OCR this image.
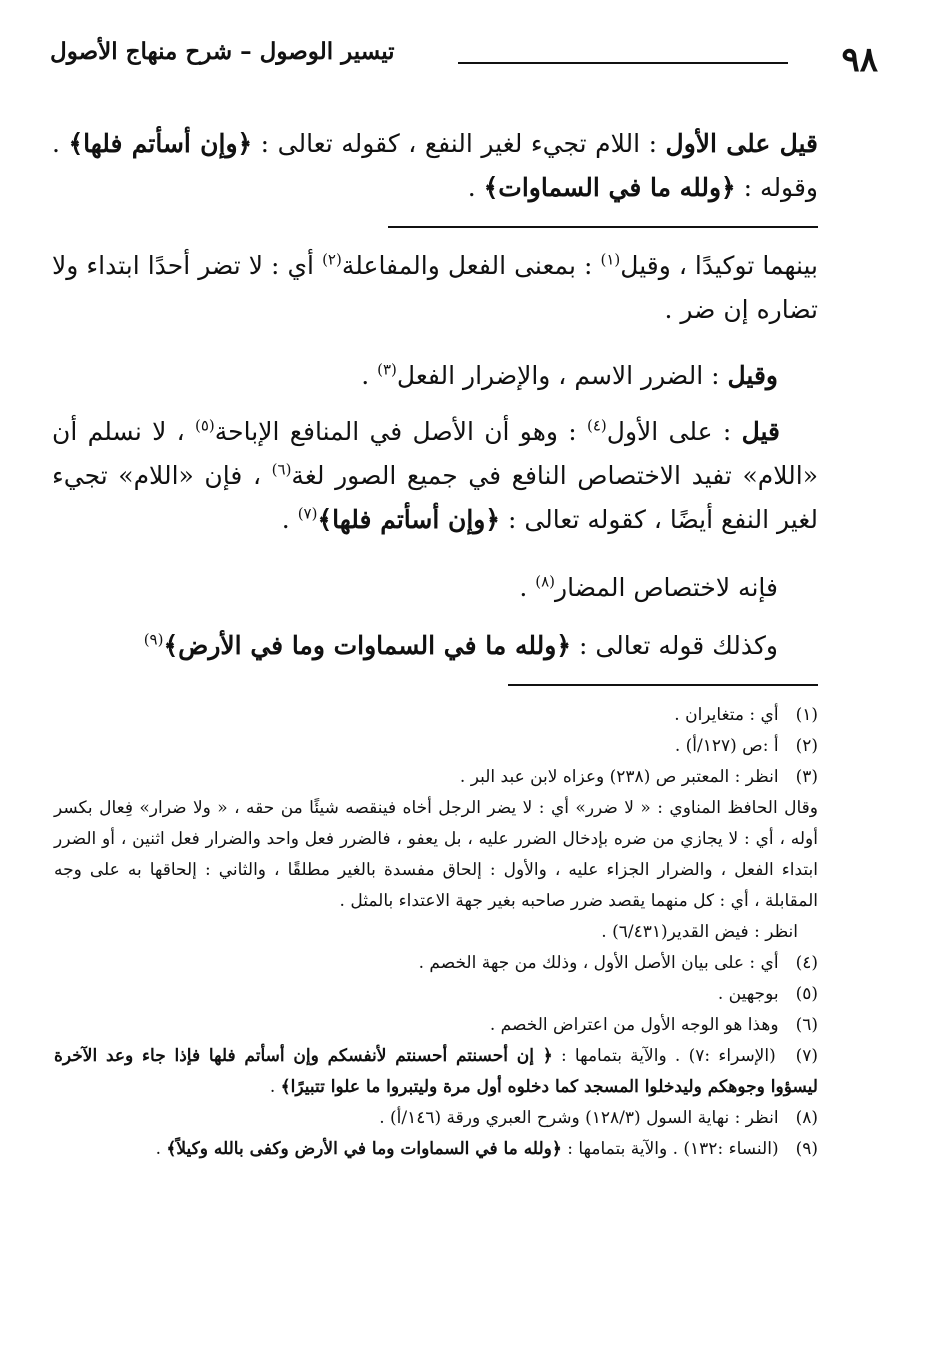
٩٨
تيسير الوصول – شرح منهاج الأصول

قيل على الأول : اللام تجيء لغير النفع ، كقوله تعالى : ﴿وإن أسأتم فلها﴾ . وقوله : ﴿ولله ما في السماوات﴾ .

بينهما توكيدًا ، وقيل$^{(١)}$ : بمعنى الفعل والمفاعلة$^{(٢)}$ أي : لا تضر أحدًا ابتداء ولا تضاره إن ضر .

وقيل : الضرر الاسم ، والإضرار الفعل$^{(٣)}$ .

قيل : على الأول$^{(٤)}$ : وهو أن الأصل في المنافع الإباحة$^{(٥)}$ ، لا نسلم أن «اللام» تفيد الاختصاص النافع في جميع الصور لغة$^{(٦)}$ ، فإن «اللام» تجيء لغير النفع أيضًا ، كقوله تعالى : ﴿وإن أسأتم فلها﴾$^{(٧)}$ .

فإنه لاختصاص المضار$^{(٨)}$ .

وكذلك قوله تعالى : ﴿ولله ما في السماوات وما في الأرض﴾$^{(٩)}$

(١) أي : متغايران .

(٢) أ :ص (١٢٧/أ) .

(٣) انظر : المعتبر ص (٢٣٨) وعزاه لابن عبد البر .

وقال الحافظ المناوي : « لا ضرر» أي : لا يضر الرجل أخاه فينقصه شيئًا من حقه ، « ولا ضرار» فِعال بكسر أوله ، أي : لا يجازي من ضره بإدخال الضرر عليه ، بل يعفو ، فالضرر فعل واحد والضرار فعل اثنين ، أو الضرر ابتداء الفعل ، والضرار الجزاء عليه ، والأول : إلحاق مفسدة بالغير مطلقًا ، والثاني : إلحاقها به على وجه المقابلة ، أي : كل منهما يقصد ضرر صاحبه بغير جهة الاعتداء بالمثل .

انظر : فيض القدير(٦/٤٣١) .

(٤) أي : على بيان الأصل الأول ، وذلك من جهة الخصم .

(٥) بوجهين .

(٦) وهذا هو الوجه الأول من اعتراض الخصم .

(٧) (الإسراء :٧) . والآية بتمامها : ﴿ إن أحسنتم أحسنتم لأنفسكم وإن أسأتم فلها فإذا جاء وعد الآخرة ليسؤوا وجوهكم وليدخلوا المسجد كما دخلوه أول مرة وليتبروا ما علوا تتبيرًا﴾ .

(٨) انظر : نهاية السول (١٢٨/٣) وشرح العبري ورقة (١٤٦/أ) .

(٩) (النساء :١٣٢) . والآية بتمامها : ﴿ولله ما في السماوات وما في الأرض وكفى بالله وكيلاً﴾ .
